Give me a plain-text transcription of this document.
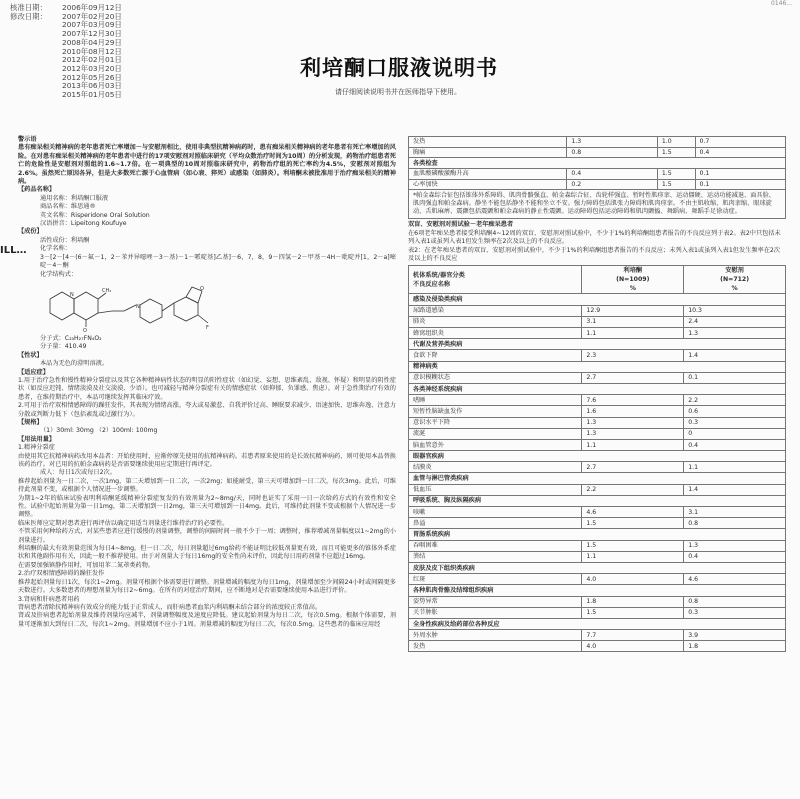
0146...
核准日期：	2006年09月12日
修改日期：	2007年02月20日
2007年03月09日
2007年12月30日
2008年04月29日
2010年08月12日
2012年02月01日
2012年03月20日
2012年05月26日
2013年06月03日
2015年01月05日
ILL…
利培酮口服液说明书
请仔细阅读说明书并在医师指导下使用。

警示语

患有痴呆相关精神病的老年患者死亡率增加－与安慰剂相比，使用非典型抗精神病药时，患有痴呆相关精神病的老年患者有死亡率增加的风险。在对患有痴呆相关精神病的老年患者中进行的17项安慰剂对照临床研究（平均众数治疗时间为10周）的分析发现，药物治疗组患者死亡的危险性是安慰剂对照组的1.6~1.7倍。在一项典型的10周对照临床研究中，药物治疗组的死亡率约为4.5%，安慰剂对照组为2.6%。虽然死亡原因各异，但是大多数死亡源于心血管病（如心衰、猝死）或感染（如肺炎）。利培酮未被批准用于治疗痴呆相关的精神病。

【药品名称】

通用名称：利培酮口服液

商品名称：维思通®

英文名称：Risperidone Oral Solution

汉语拼音：Lipeitong Koufuye

【成份】

活性成份：利培酮

化学名称：

3－[2－[4－(6－氟－1，2－苯并异噁唑－3－基)－1－哌啶基]乙基]－6，7，8，9－四氢－2－甲基－4H－吡啶并[1，2－a]嘧啶－4－酮

化学结构式：

O
CH₃
N
N
O
F

分子式：C₂₃H₂₇FN₄O₂

分子量：410.49

【性状】

本品为无色的澄明溶液。

【适应症】

1.用于治疗急性和慢性精神分裂症以及其它各种精神病性状态的明显的阳性症状（如幻觉、妄想、思维紊乱、敌视、怀疑）和明显的阴性症状（如反应迟钝、情绪淡漠及社交淡漠、少语）。也可减轻与精神分裂症有关的情感症状（如抑郁、负罪感、焦虑）。对于急性期治疗有效的患者，在维持期治疗中，本品可继续发挥其临床疗效。

2.可用于治疗双相情感障碍的躁狂发作，其表现为情绪高涨，夸大或易激惹、自我评价过高、睡眠要求减少、语速加快、思维奔逸、注意力分散或判断力低下（包括紊乱或过激行为）。

【规格】

（1）30ml: 30mg （2）100ml: 100mg

【用法用量】

1.精神分裂症

由使用其它抗精神病药改用本品者：开始使用时，应渐停原先使用的抗精神病药。若患者原来使用的是长效抗精神病药，则可使用本品替换该药治疗。对已用的抗帕金森病药是否需要继续使用应定期进行再评定。

成人：每日1次或每日2次。

推荐起始剂量为一日二次，一次1mg，第二天增加到一日二次，一次2mg；如能耐受，第三天可增加到一日二次，每次3mg。此后，可维持此剂量不变，或根据个人情况进一步调整。

为期1~2年的临床试验表明利培酮延缓精神分裂症复发的有效剂量为2~8mg/天，同时也证实了采用一日一次给药方式的有效性和安全性。试验中起始剂量为第一日1mg，第二天增加到一日2mg，第三天可增加到一日4mg。此后，可维持此剂量不变或根据个人情况进一步调整。

临床医师应定期对患者进行再评估以确定用适当剂量进行维持治疗的必要性。

不管采用何种给药方式，对某些患者应进行缓慢的剂量调整，调整的间隔时间一般不少于一周；调整时，推荐增减剂量幅度以1~2mg的小剂量进行。

利培酮的最大有效剂量范围为每日4~8mg，但一日二次，每日剂量超过6mg给药不能证明比较低剂量更有效，而且可能更多的锥体外系症状和其他副作用有关，因此一般不推荐使用。由于对剂量大于每日16mg的安全性尚未评价，因此每日用药剂量不应超过16mg。

在需要加强镇静作用时，可加用苯二氮䓬类药物。

2.治疗双相情感障碍的躁狂发作

推荐起始剂量每日1次，每次1~2mg。剂量可根据个体需要进行调整。剂量增减的幅度为每日1mg，剂量增加至少间隔24小时或间隔更多天数进行。大多数患者的理想剂量为每日2~6mg。在所有的对症治疗期间，应不断地对是否需要继续使用本品进行评价。

3.肾病和肝病患者用药

肾病患者清除抗精神病有效成分的能力低于正常成人，而肝病患者血浆内利培酮未结合部分的浓度较正常值高。

肾或及肝病患者起始剂量及维持剂量均应减半，剂量调整幅度及速度应降低。建议起始剂量为每日二次，每次0.5mg。根据个体需要，剂量可逐渐加大到每日二次，每次1~2mg。剂量增加不应小于1周。剂量增减的幅度为每日二次，每次0.5mg。这些患者的临床应用经

发热	1.3	1.0	0.7
胸痛	0.8	1.5	0.4
各类检查			
血肌酸磷酸激酶升高	0.4	1.5	0.1
心率加快	0.2	1.5	0.1
*帕金森综合征包括锥体外系障碍、肌肉骨骼强直、帕金森综合征、齿轮样强直、暂时性肌痉挛、运动僵硬、运动功能减退、面具脸、肌肉强直和帕金森病。静坐不能包括静坐不能和坐立不安。强力障碍包括肌张力障碍和肌肉痉挛。不由主肌收缩、肌肉挛缩、眼球旋动、舌肌麻痹、震颤包括震颤和帕金森病的静止性震颤。运动障碍包括运动障碍和肌肉颤搐、舞蹈病、舞蹈手足徐动症。

双盲、安慰剂对照试验－老年痴呆患者

在6项老年痴呆患者接受利培酮4~12周的双盲、安慰剂对照试验中，不少于1%的利培酮组患者报告的不良反应列于表2。表2中只包括未列入表1或虽列入表1但发生频率在2次及以上的不良反应。

表2：在老年痴呆患者的双盲、安慰剂对照试验中，不少于1%的利培酮组患者报告的不良反应；未列入表1或虽列入表1但发生频率在2次及以上的不良反应

机体系统/器官分类
不良反应名称	利培酮
(N=1009)
%	安慰剂
(N=712)
%
感染及侵染类疾病		
尿路道感染	12.9	10.3
肺炎	3.1	2.4
蜂窝组织炎	1.1	1.3
代谢及营养类疾病		
食欲下降	2.3	1.4
精神病类		
意识模糊状态	2.7	0.1
各类神经系统疾病		
嗜睡	7.6	2.2
短暂性脑缺血发作	1.6	0.6
意识水平下降	1.3	0.3
流涎	1.3	0
脑血管意外	1.1	0.4
眼器官疾病		
结膜炎	2.7	1.1
血管与淋巴管类疾病		
低血压	2.2	1.4
呼吸系统、胸及纵隔疾病		
咳嗽	4.6	3.1
鼻溢	1.5	0.8
胃肠系统疾病		
吞咽困难	1.5	1.3
粪结	1.1	0.4
皮肤及皮下组织类疾病		
红斑	4.0	4.6
各种肌肉骨骼及结缔组织疾病		
姿势异常	1.8	0.8
关节肿胀	1.5	0.3
全身性疾病及给药部位各种反应		
外周水肿	7.7	3.9
发热	4.0	1.8
